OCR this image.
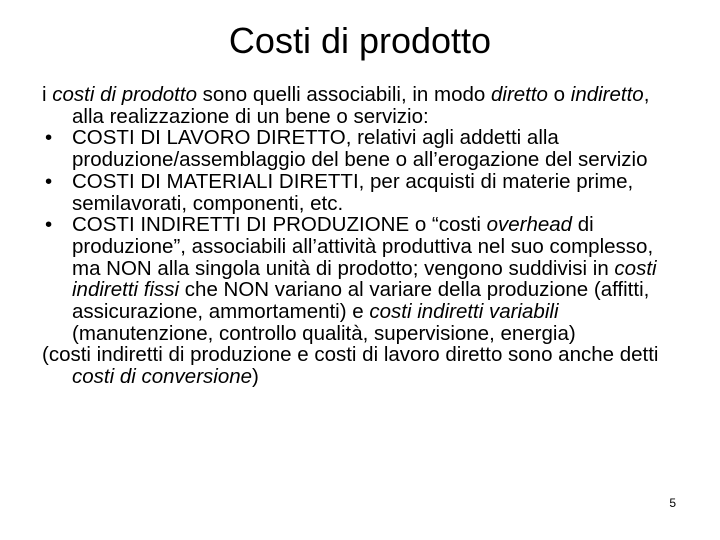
Costi di prodotto

i costi di prodotto sono quelli associabili, in modo diretto o indiretto, alla realizzazione di un bene o servizio:

• COSTI DI LAVORO DIRETTO, relativi agli addetti alla produzione/assemblaggio del bene o all’erogazione del servizio

• COSTI DI MATERIALI DIRETTI, per acquisti di materie prime, semilavorati, componenti, etc.

• COSTI INDIRETTI DI PRODUZIONE o “costi overhead di produzione”, associabili all’attività produttiva nel suo complesso, ma NON alla singola unità di prodotto; vengono suddivisi in costi indiretti fissi che NON variano al variare della produzione (affitti, assicurazione, ammortamenti) e costi indiretti variabili (manutenzione, controllo qualità, supervisione, energia)

(costi indiretti di produzione e costi di lavoro diretto sono anche detti costi di conversione)

5
